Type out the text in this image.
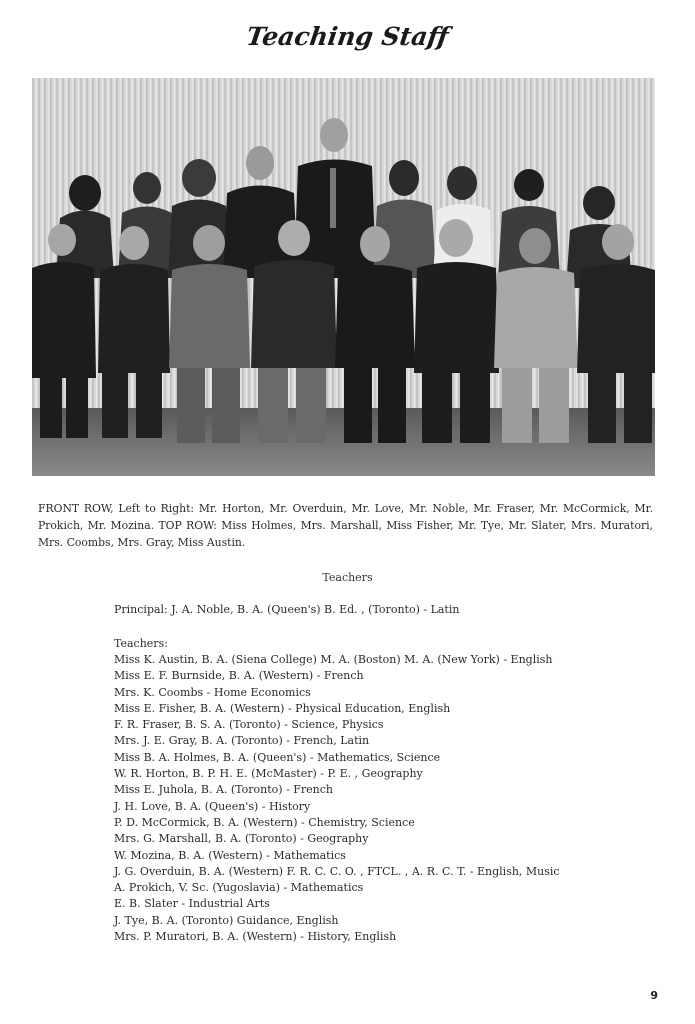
Teaching Staff

FRONT ROW, Left to Right: Mr. Horton, Mr. Overduin, Mr. Love, Mr. Noble, Mr. Fraser, Mr. McCormick, Mr. Prokich, Mr. Mozina. TOP ROW: Miss Holmes, Mrs. Marshall, Miss Fisher, Mr. Tye, Mr. Slater, Mrs. Muratori, Mrs. Coombs, Mrs. Gray, Miss Austin.

Teachers
Principal: J. A. Noble, B. A. (Queen's) B. Ed. , (Toronto) - Latin
Teachers:
Miss K. Austin, B. A. (Siena College) M. A. (Boston) M. A. (New York) - English
Miss E. F. Burnside, B. A. (Western) - French
Mrs. K. Coombs - Home Economics
Miss E. Fisher, B. A. (Western) - Physical Education, English
F. R. Fraser, B. S. A. (Toronto) - Science, Physics
Mrs. J. E. Gray, B. A. (Toronto) - French, Latin
Miss B. A. Holmes, B. A. (Queen's) - Mathematics, Science
W. R. Horton, B. P. H. E. (McMaster) - P. E. , Geography
Miss E. Juhola, B. A. (Toronto) - French
J. H. Love, B. A. (Queen's) - History
P. D. McCormick, B. A. (Western) - Chemistry, Science
Mrs. G. Marshall, B. A. (Toronto) - Geography
W. Mozina, B. A. (Western) - Mathematics
J. G. Overduin, B. A. (Western) F. R. C. C. O. , FTCL. , A. R. C. T. - English, Music
A. Prokich, V. Sc. (Yugoslavia) - Mathematics
E. B. Slater - Industrial Arts
J. Tye, B. A. (Toronto) Guidance, English
Mrs. P. Muratori, B. A. (Western) - History, English
9
